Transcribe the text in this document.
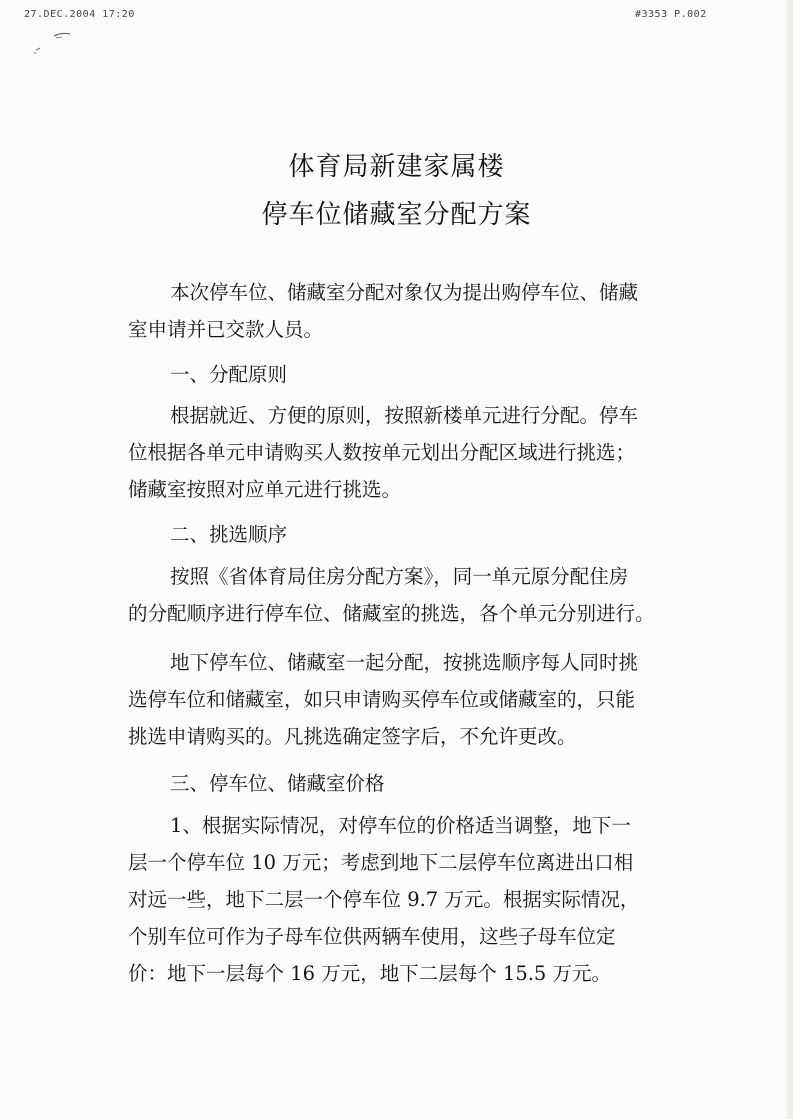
27.DEC.2004 17:20	#3353 P.002
体育局新建家属楼
停车位储藏室分配方案
本次停车位、储藏室分配对象仅为提出购停车位、储藏
室申请并已交款人员。
一、分配原则
根据就近、方便的原则，按照新楼单元进行分配。停车
位根据各单元申请购买人数按单元划出分配区域进行挑选；
储藏室按照对应单元进行挑选。
二、挑选顺序
按照《省体育局住房分配方案》，同一单元原分配住房
的分配顺序进行停车位、储藏室的挑选，各个单元分别进行。
地下停车位、储藏室一起分配，按挑选顺序每人同时挑
选停车位和储藏室，如只申请购买停车位或储藏室的，只能
挑选申请购买的。凡挑选确定签字后，不允许更改。
三、停车位、储藏室价格
1、根据实际情况，对停车位的价格适当调整，地下一
层一个停车位 10 万元；考虑到地下二层停车位离进出口相
对远一些，地下二层一个停车位 9.7 万元。根据实际情况，
个别车位可作为子母车位供两辆车使用，这些子母车位定
价：地下一层每个 16 万元，地下二层每个 15.5 万元。
